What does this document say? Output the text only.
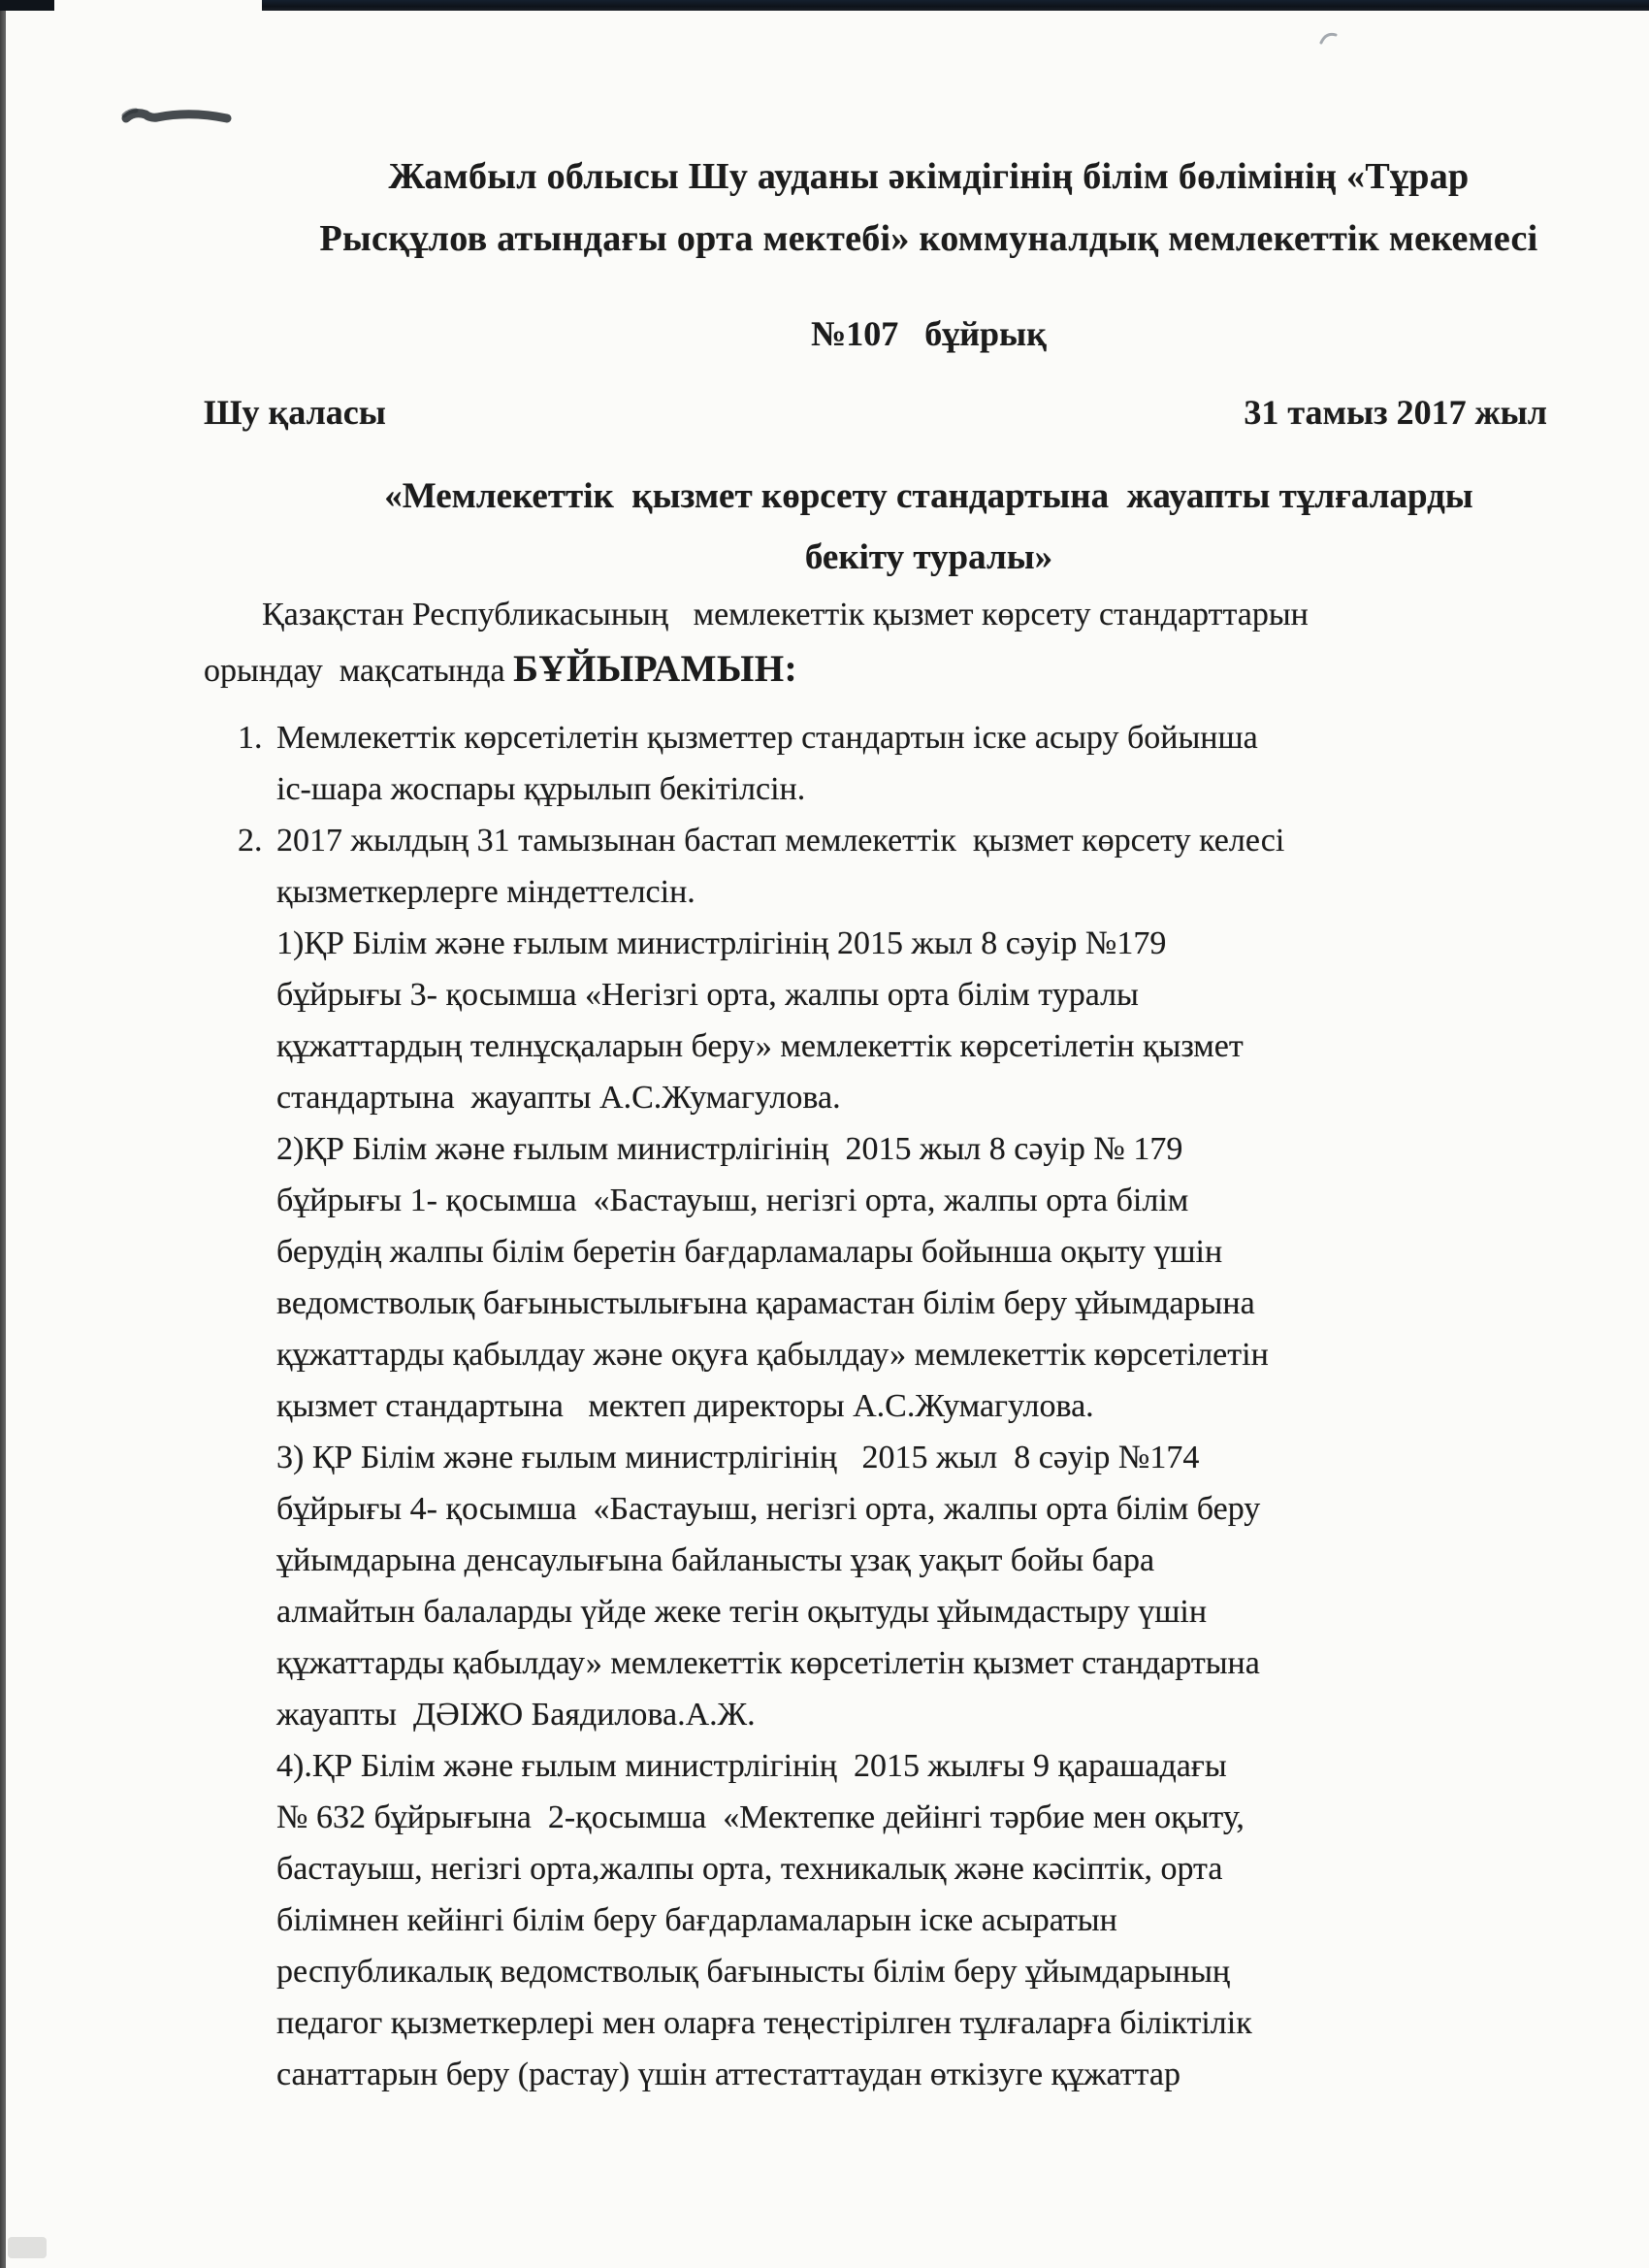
Жамбыл облысы Шу ауданы әкімдігінің білім бөлімінің «Тұрар
Рысқұлов атындағы орта мектебі» коммуналдық мемлекеттік мекемесі
№107   бұйрық
Шу қаласы	31 тамыз 2017 жыл
«Мемлекеттік  қызмет көрсету стандартына  жауапты тұлғаларды
бекіту туралы»
Қазақстан Республикасының   мемлекеттік қызмет көрсету стандарттарын
орындау  мақсатында БҰЙЫРАМЫН:
1. Мемлекеттік көрсетілетін қызметтер стандартын іске асыру бойынша
іс-шара жоспары құрылып бекітілсін.
2. 2017 жылдың 31 тамызынан бастап мемлекеттік  қызмет көрсету келесі
қызметкерлерге міндеттелсін.
1)ҚР Білім және ғылым министрлігінің 2015 жыл 8 сәуір №179
бұйрығы 3- қосымша «Негізгі орта, жалпы орта білім туралы
құжаттардың телнұсқаларын беру» мемлекеттік көрсетілетін қызмет
стандартына  жауапты А.С.Жумагулова.
2)ҚР Білім және ғылым министрлігінің  2015 жыл 8 сәуір № 179
бұйрығы 1- қосымша  «Бастауыш, негізгі орта, жалпы орта білім
берудің жалпы білім беретін бағдарламалары бойынша оқыту үшін
ведомстволық бағыныстылығына қарамастан білім беру ұйымдарына
құжаттарды қабылдау және оқуға қабылдау» мемлекеттік көрсетілетін
қызмет стандартына   мектеп директоры А.С.Жумагулова.
3) ҚР Білім және ғылым министрлігінің   2015 жыл  8 сәуір №174
бұйрығы 4- қосымша  «Бастауыш, негізгі орта, жалпы орта білім беру
ұйымдарына денсаулығына байланысты ұзақ уақыт бойы бара
алмайтын балаларды үйде жеке тегін оқытуды ұйымдастыру үшін
құжаттарды қабылдау» мемлекеттік көрсетілетін қызмет стандартына
жауапты  ДӘІЖО Баядилова.А.Ж.
4).ҚР Білім және ғылым министрлігінің  2015 жылғы 9 қарашадағы
№ 632 бұйрығына  2-қосымша  «Мектепке дейінгі тәрбие мен оқыту,
бастауыш, негізгі орта,жалпы орта, техникалық және кәсіптік, орта
білімнен кейінгі білім беру бағдарламаларын іске асыратын
республикалық ведомстволық бағынысты білім беру ұйымдарының
педагог қызметкерлері мен оларға теңестірілген тұлғаларға біліктілік
санаттарын беру (растау) үшін аттестаттаудан өткізуге құжаттар
